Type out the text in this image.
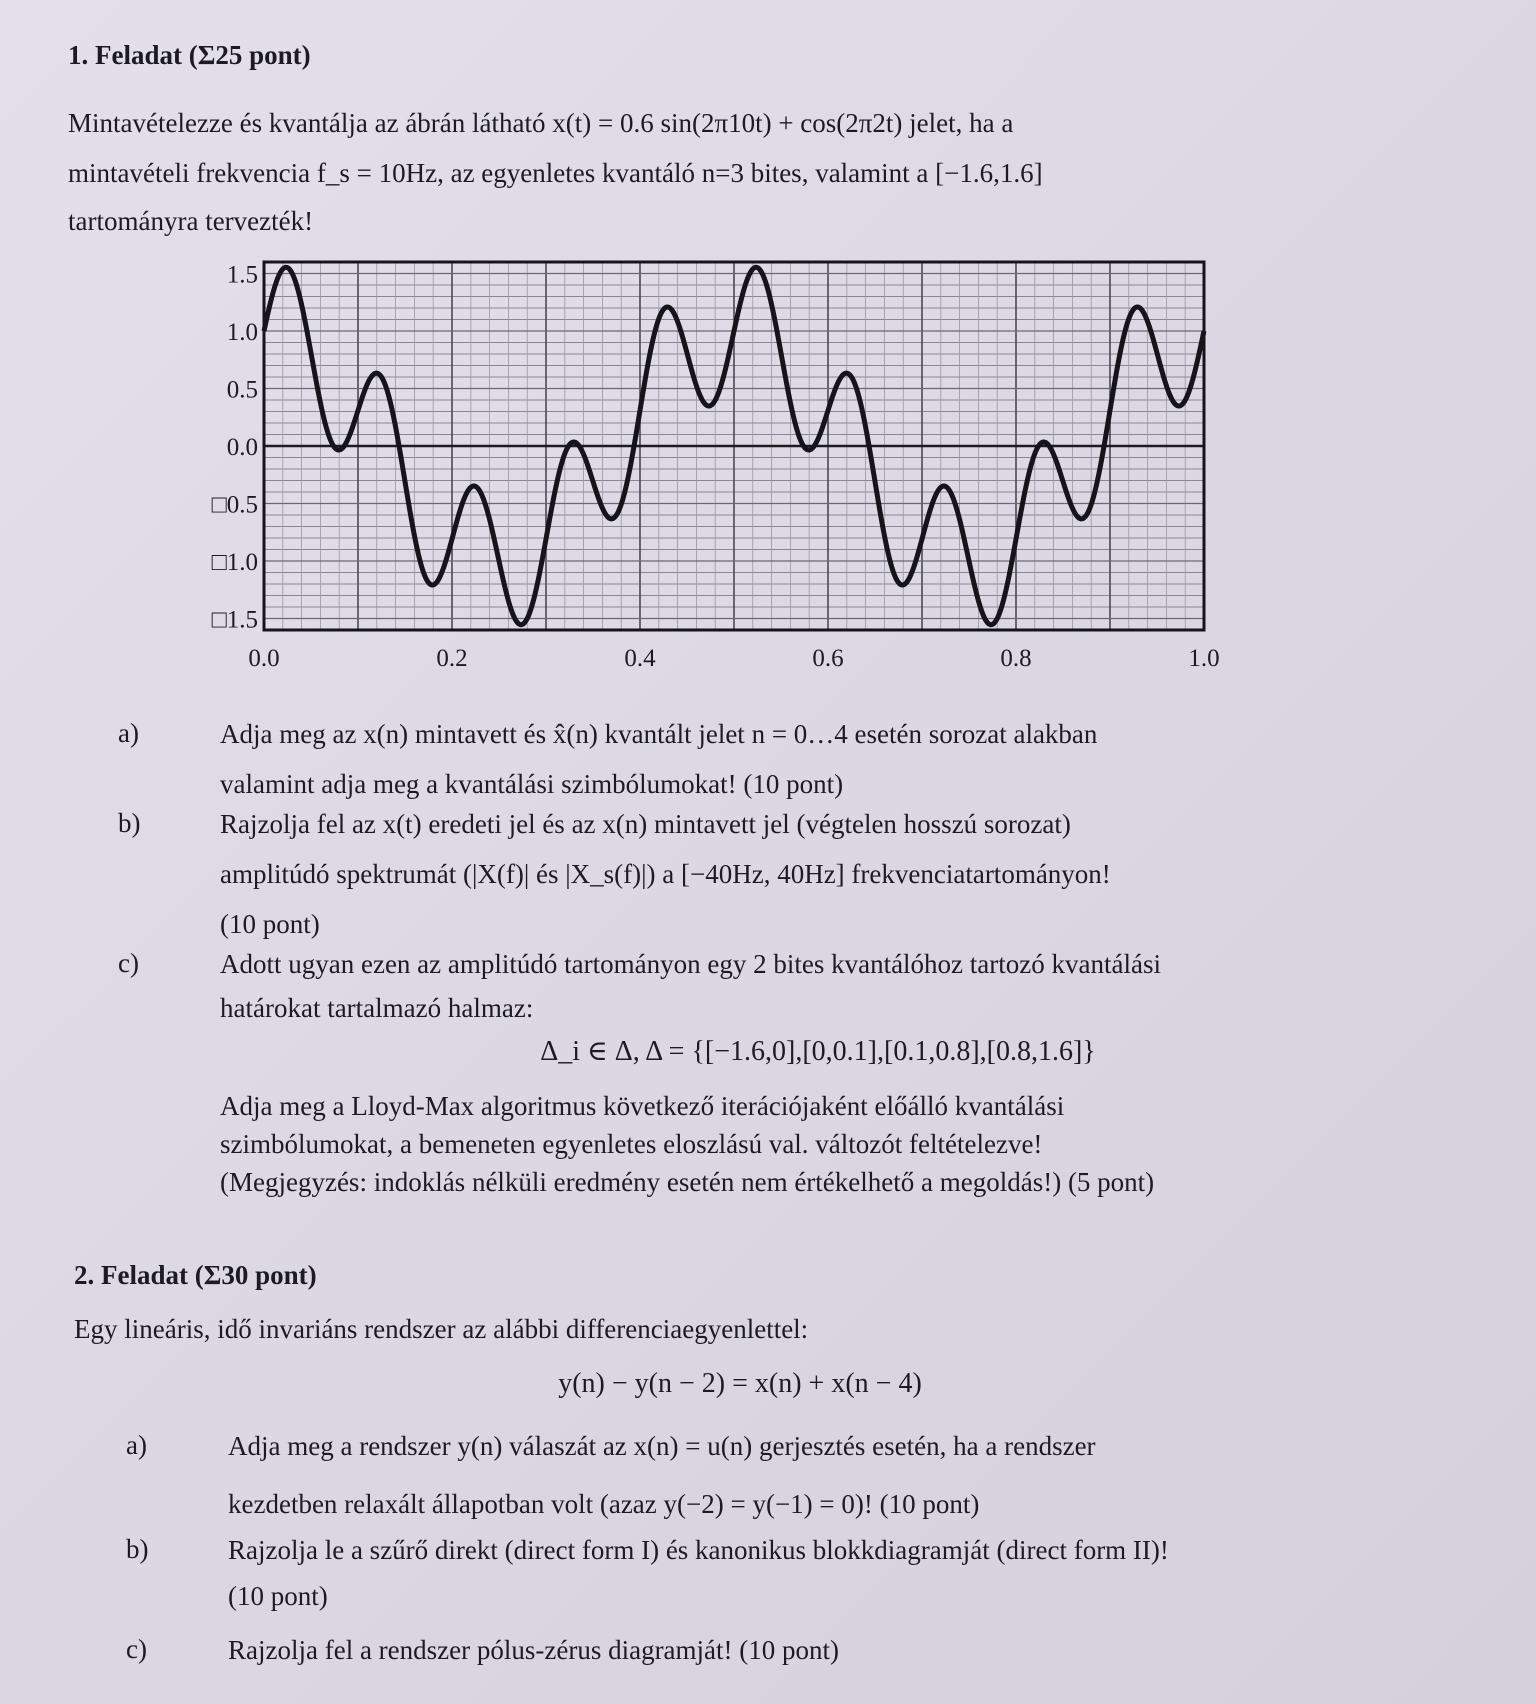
1. Feladat (Σ25 pont)
Mintavételezze és kvantálja az ábrán látható x(t) = 0.6 sin(2π10t) + cos(2π2t) jelet, ha a
mintavételi frekvencia f_s = 10Hz, az egyenletes kvantáló n=3 bites, valamint a [−1.6,1.6]
tartományra tervezték!
1.5
1.0
0.5
0.0
□0.5
□1.0
□1.5
0.0	0.2	0.4	0.6	0.8	1.0
a)	Adja meg az x(n) mintavett és x̂(n) kvantált jelet n = 0…4 esetén sorozat alakban
valamint adja meg a kvantálási szimbólumokat! (10 pont)
b)	Rajzolja fel az x(t) eredeti jel és az x(n) mintavett jel (végtelen hosszú sorozat)
amplitúdó spektrumát (|X(f)| és |X_s(f)|) a [−40Hz, 40Hz] frekvenciatartományon!
(10 pont)
c)	Adott ugyan ezen az amplitúdó tartományon egy 2 bites kvantálóhoz tartozó kvantálási
határokat tartalmazó halmaz:
Δ_i ∈ Δ, Δ = {[−1.6,0],[0,0.1],[0.1,0.8],[0.8,1.6]}
Adja meg a Lloyd-Max algoritmus következő iterációjaként előálló kvantálási
szimbólumokat, a bemeneten egyenletes eloszlású val. változót feltételezve!
(Megjegyzés: indoklás nélküli eredmény esetén nem értékelhető a megoldás!) (5 pont)
2. Feladat (Σ30 pont)
Egy lineáris, idő invariáns rendszer az alábbi differenciaegyenlettel:
y(n) − y(n − 2) = x(n) + x(n − 4)
a)	Adja meg a rendszer y(n) válaszát az x(n) = u(n) gerjesztés esetén, ha a rendszer
kezdetben relaxált állapotban volt (azaz y(−2) = y(−1) = 0)! (10 pont)
b)	Rajzolja le a szűrő direkt (direct form I) és kanonikus blokkdiagramját (direct form II)!
(10 pont)
c)	Rajzolja fel a rendszer pólus-zérus diagramját! (10 pont)
